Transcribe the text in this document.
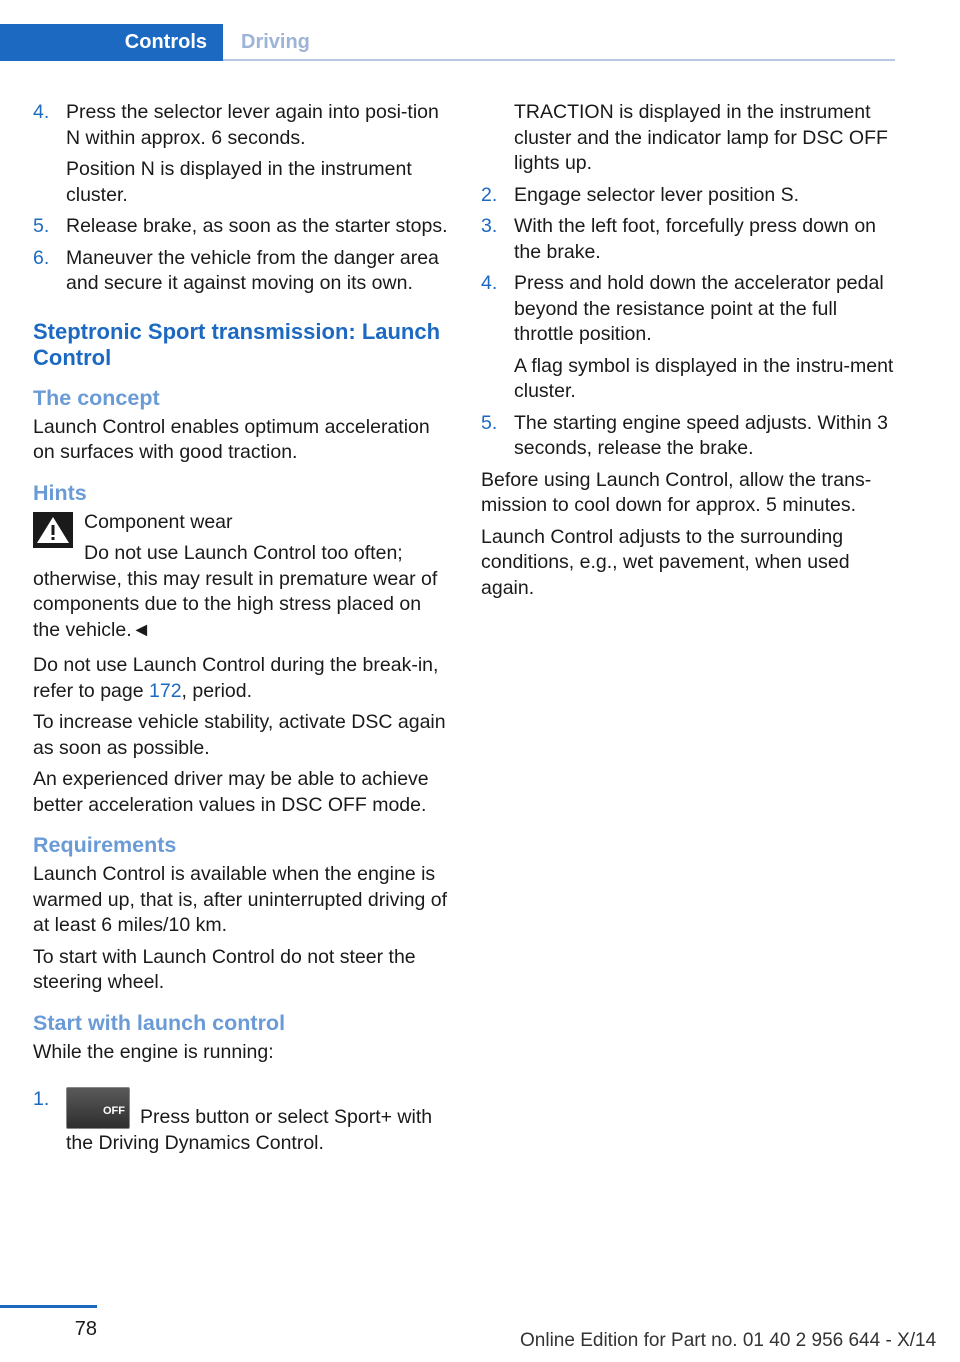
Controls	Driving
4. Press the selector lever again into posi‐tion N within approx. 6 seconds.

Position N is displayed in the instrument cluster.

5. Release brake, as soon as the starter stops.

6. Maneuver the vehicle from the danger area and secure it against moving on its own.

Steptronic Sport transmission: Launch Control
The concept

Launch Control enables optimum acceleration on surfaces with good traction.

Hints

Component wear

Do not use Launch Control too often;

otherwise, this may result in premature wear of components due to the high stress placed on the vehicle.◄

Do not use Launch Control during the break-in, refer to page 172, period.

To increase vehicle stability, activate DSC again as soon as possible.

An experienced driver may be able to achieve better acceleration values in DSC OFF mode.

Requirements

Launch Control is available when the engine is warmed up, that is, after uninterrupted driving of at least 6 miles/10 km.

To start with Launch Control do not steer the steering wheel.

Start with launch control

While the engine is running:

1.

OFF Press button or select Sport+ with the Driving Dynamics Control.

TRACTION is displayed in the instrument cluster and the indicator lamp for DSC OFF lights up.

2. Engage selector lever position S.

3. With the left foot, forcefully press down on the brake.

4. Press and hold down the accelerator pedal beyond the resistance point at the full throttle position.

A flag symbol is displayed in the instru‐ment cluster.

5. The starting engine speed adjusts. Within 3 seconds, release the brake.

Before using Launch Control, allow the trans‐mission to cool down for approx. 5 minutes.

Launch Control adjusts to the surrounding conditions, e.g., wet pavement, when used again.

78
Online Edition for Part no. 01 40 2 956 644 - X/14
